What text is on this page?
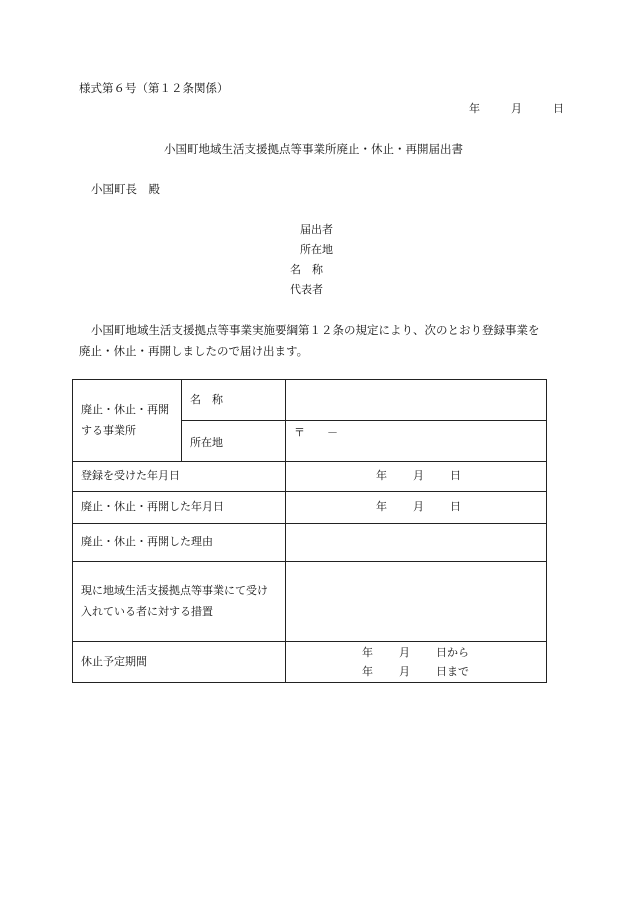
様式第６号（第１２条関係）
年	月	日
小国町地域生活支援拠点等事業所廃止・休止・再開届出書
小国町長　殿
届出者
所在地
名　称
代表者
小国町地域生活支援拠点等事業実施要綱第１２条の規定により、次のとおり登録事業を
廃止・休止・再開しましたので届け出ます。
廃止・休止・再開
する事業所	名　称	
	所在地	〒　　－
登録を受けた年月日		年 月 日
廃止・休止・再開した年月日		年 月 日
廃止・休止・再開した理由		

現に地域生活支援拠点等事業にて受け
入れている者に対する措置		

休止予定期間		年 月 日から
年 月 日まで
